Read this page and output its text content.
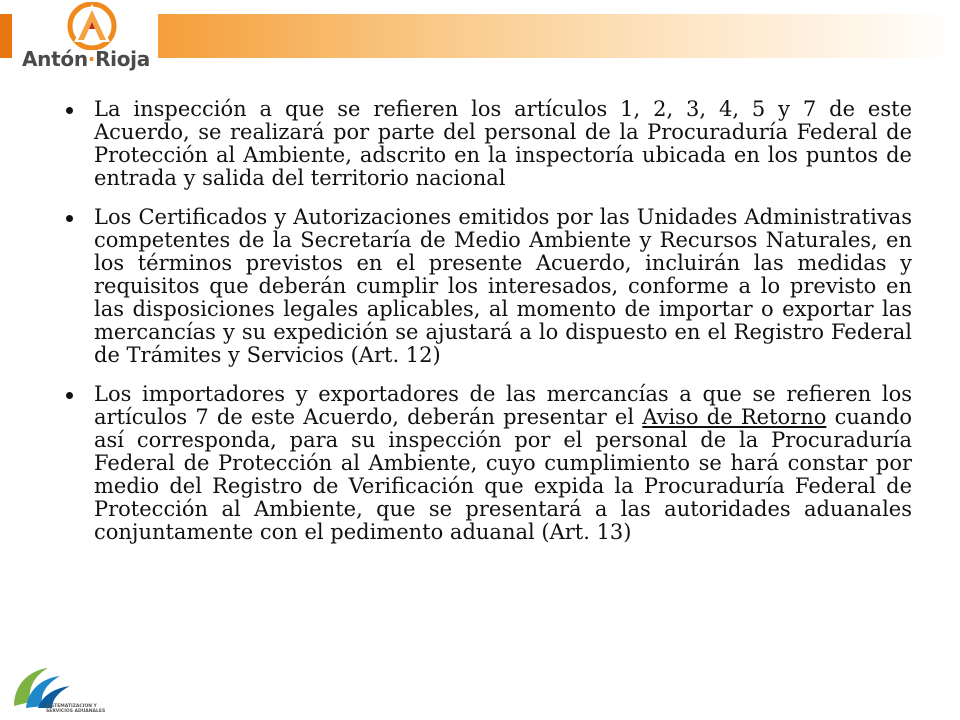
Antón·Rioja
La inspección a que se refieren los artículos 1, 2, 3, 4, 5 y 7 de este Acuerdo, se realizará por parte del personal de la Procuraduría Federal de Protección al Ambiente, adscrito en la inspectoría ubicada en los puntos de entrada y salida del territorio nacional
Los Certificados y Autorizaciones emitidos por las Unidades Administrativas competentes de la Secretaría de Medio Ambiente y Recursos Naturales, en los términos previstos en el presente Acuerdo, incluirán las medidas y requisitos que deberán cumplir los interesados, conforme a lo previsto en las disposiciones legales aplicables, al momento de importar o exportar las mercancías y su expedición se ajustará a lo dispuesto en el Registro Federal de Trámites y Servicios (Art. 12)
Los importadores y exportadores de las mercancías a que se refieren los artículos 7 de este Acuerdo, deberán presentar el Aviso de Retorno cuando así corresponda, para su inspección por el personal de la Procuraduría Federal de Protección al Ambiente, cuyo cumplimiento se hará constar por medio del Registro de Verificación que expida la Procuraduría Federal de Protección al Ambiente, que se presentará a las autoridades aduanales conjuntamente con el pedimento aduanal (Art. 13)
SISTEMATIZACION Y
SERVICIOS ADUANALES
